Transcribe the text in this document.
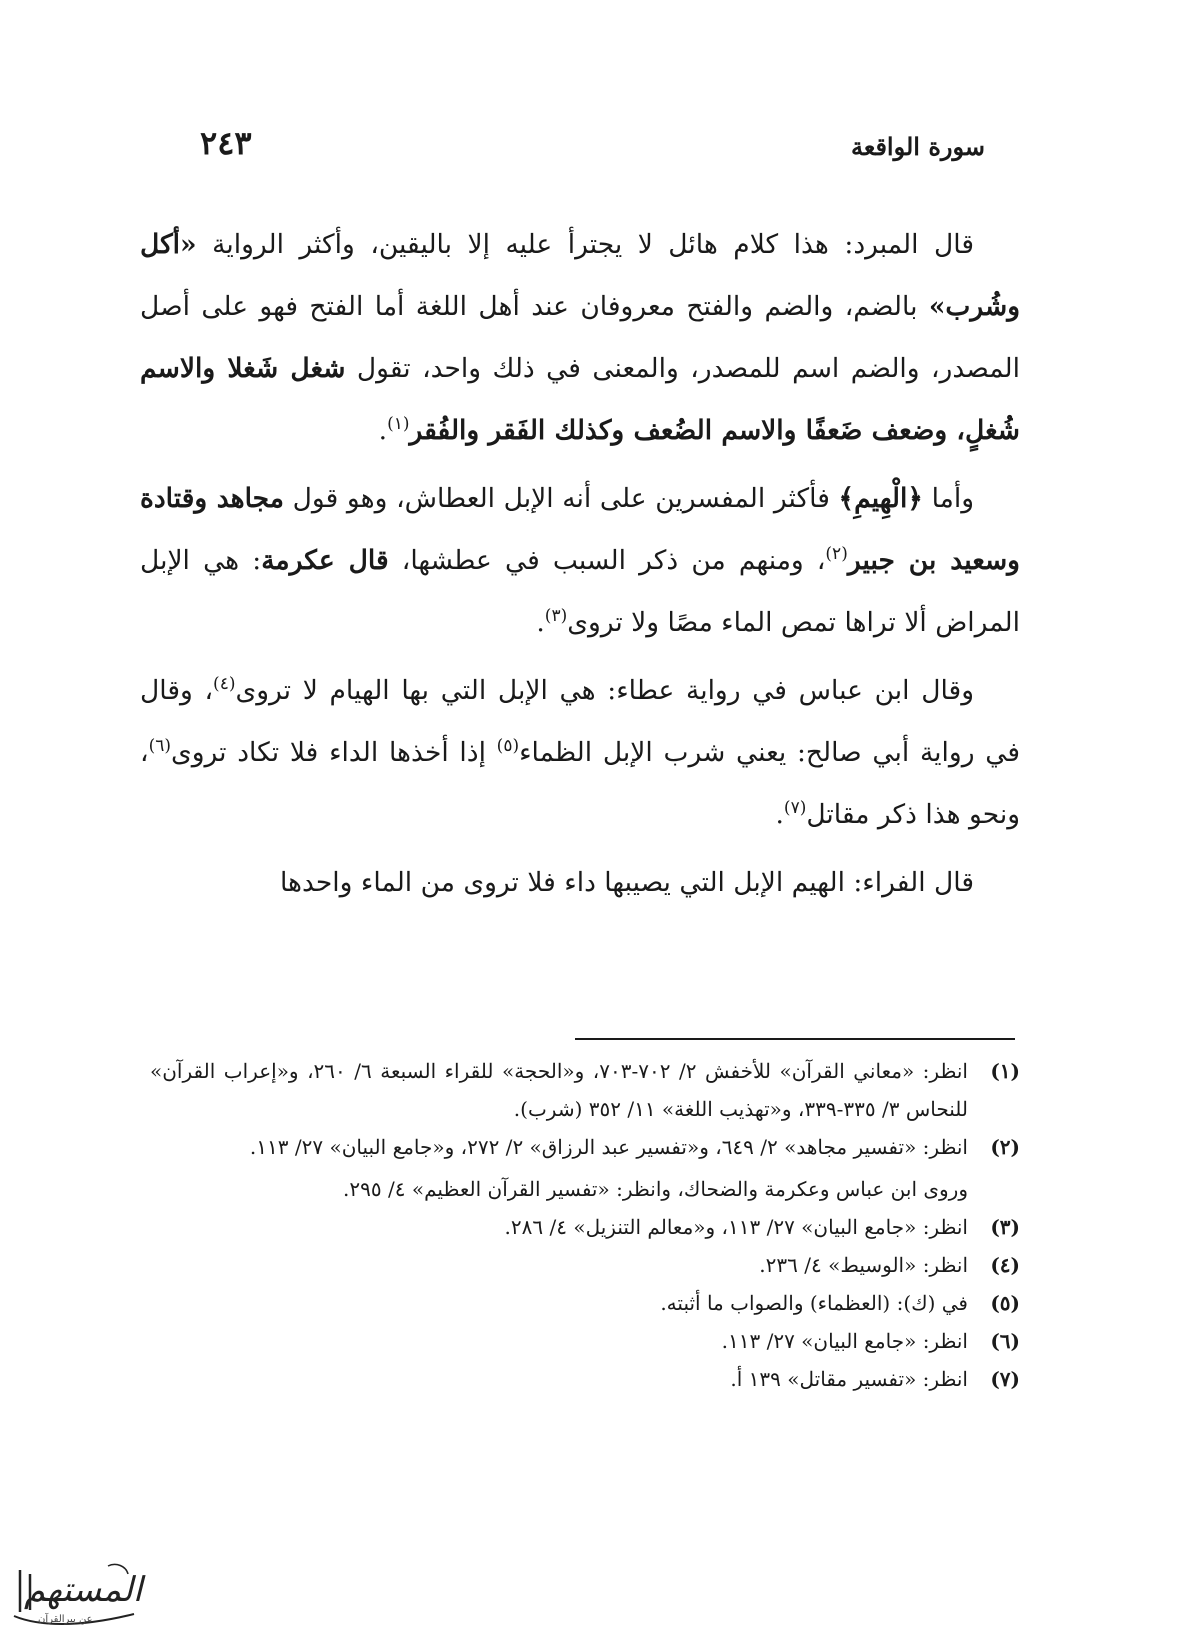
سورة الواقعة
٢٤٣

قال المبرد: هذا كلام هائل لا يجترأ عليه إلا باليقين، وأكثر الرواية «أكل وشُرب» بالضم، والضم والفتح معروفان عند أهل اللغة أما الفتح فهو على أصل المصدر، والضم اسم للمصدر، والمعنى في ذلك واحد، تقول شغل شَغلا والاسم شُغلٍ، وضعف ضَعفًا والاسم الضُعف وكذلك الفَقر والفُقر$^{(١)}$.

وأما ﴿الْهِيمِ﴾ فأكثر المفسرين على أنه الإبل العطاش، وهو قول مجاهد وقتادة وسعيد بن جبير$^{(٢)}$، ومنهم من ذكر السبب في عطشها، قال عكرمة: هي الإبل المراض ألا تراها تمص الماء مصًا ولا تروى$^{(٣)}$.

وقال ابن عباس في رواية عطاء: هي الإبل التي بها الهيام لا تروى$^{(٤)}$، وقال في رواية أبي صالح: يعني شرب الإبل الظماء$^{(٥)}$ إذا أخذها الداء فلا تكاد تروى$^{(٦)}$، ونحو هذا ذكر مقاتل$^{(٧)}$.

قال الفراء: الهيم الإبل التي يصيبها داء فلا تروى من الماء واحدها

(١)
انظر: «معاني القرآن» للأخفش ٢/ ٧٠٢-٧٠٣، و«الحجة» للقراء السبعة ٦/ ٢٦٠، و«إعراب القرآن» للنحاس ٣/ ٣٣٥-٣٣٩، و«تهذيب اللغة» ١١/ ٣٥٢ (شرب).
(٢)
انظر: «تفسير مجاهد» ٢/ ٦٤٩، و«تفسير عبد الرزاق» ٢/ ٢٧٢، و«جامع البيان» ٢٧/ ١١٣.

وروى ابن عباس وعكرمة والضحاك، وانظر: «تفسير القرآن العظيم» ٤/ ٢٩٥.

(٣)
انظر: «جامع البيان» ٢٧/ ١١٣، و«معالم التنزيل» ٤/ ٢٨٦.
(٤)
انظر: «الوسيط» ٤/ ٢٣٦.
(٥)
في (ك): (العظماء) والصواب ما أثبته.
(٦)
انظر: «جامع البيان» ٢٧/ ١١٣.
(٧)
انظر: «تفسير مقاتل» ١٣٩ أ.
المستهم
عن بيرالقرآن
